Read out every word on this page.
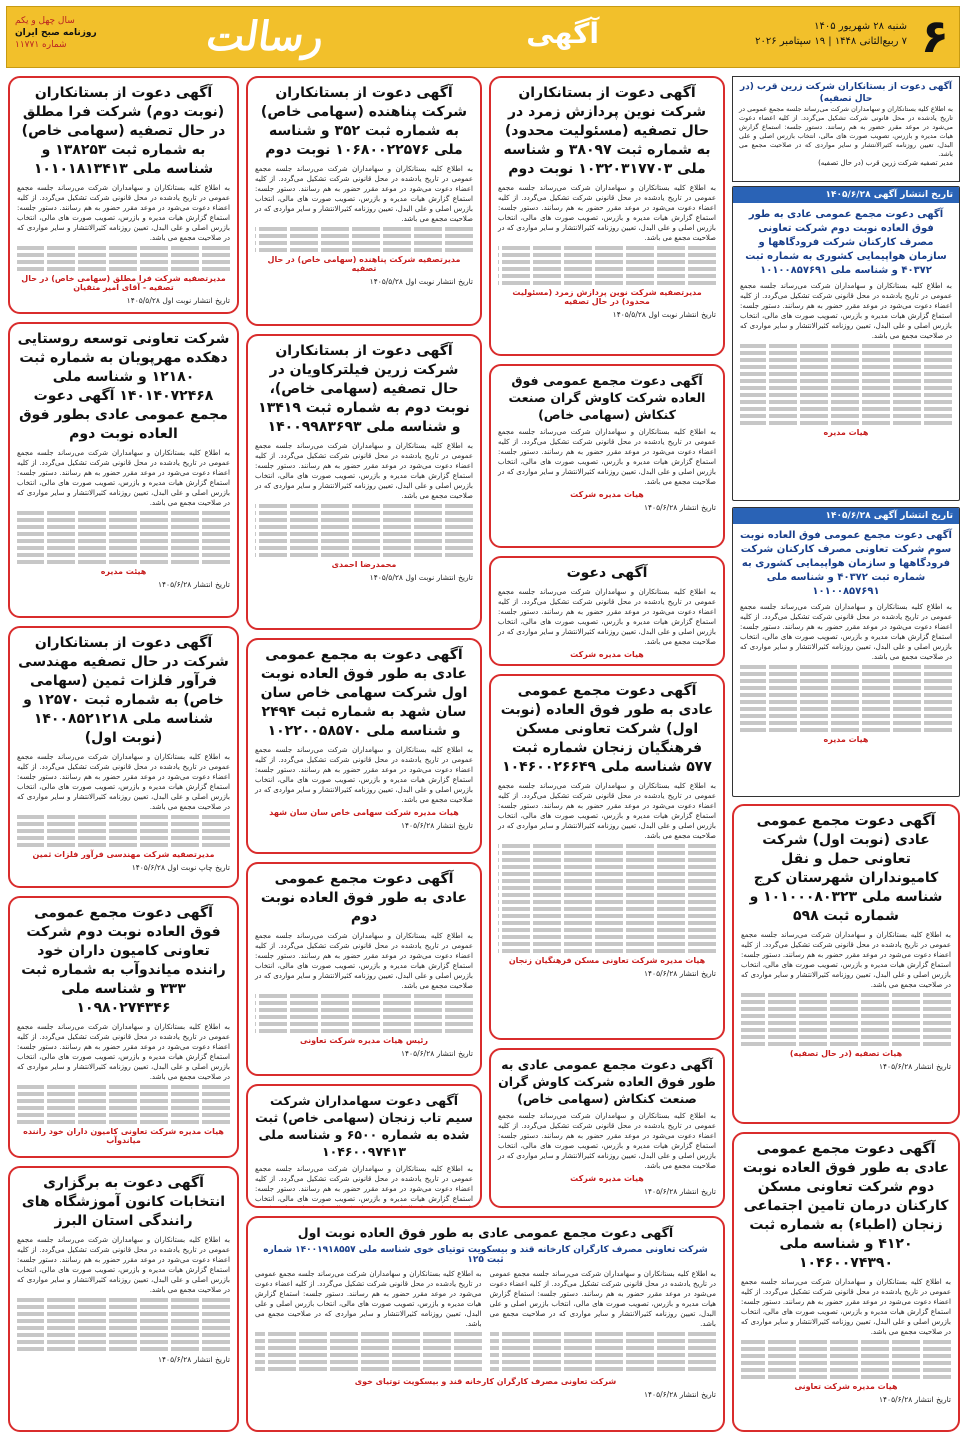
۶
شنبه ۲۸ شهریور ۱۴۰۵
۷ ربیع‌الثانی ۱۴۴۸ | ۱۹ سپتامبر ۲۰۲۶
آگهی
رسالت
سال چهل و یکم
روزنامه صبح ایران
شماره ۱۱۷۷۱
آگهی دعوت از بستانکاران شرکت زرین قرب (در حال تصفیه)

به اطلاع کلیه بستانکاران و سهامداران شرکت می‌رساند جلسه مجمع عمومی در تاریخ یادشده در محل قانونی شرکت تشکیل می‌گردد. از کلیه اعضاء دعوت می‌شود در موعد مقرر حضور به هم رسانند. دستور جلسه: استماع گزارش هیات مدیره و بازرس، تصویب صورت های مالی، انتخاب بازرس اصلی و علی البدل، تعیین روزنامه کثیرالانتشار و سایر مواردی که در صلاحیت مجمع می باشد.

مدیر تصفیه شرکت زرین قرب (در حال تصفیه)
تاریخ انتشار آگهی ۱۴۰۵/۶/۲۸
آگهی دعوت مجمع عمومی عادی به طور فوق العاده نوبت دوم شرکت تعاونی مصرف کارکنان شرکت فرودگاهها و سازمان هواپیمایی کشوری به شماره ثبت ۴۰۳۷۲ و شناسه ملی ۱۰۱۰۰۸۵۷۶۹۱

به اطلاع کلیه بستانکاران و سهامداران شرکت می‌رساند جلسه مجمع عمومی در تاریخ یادشده در محل قانونی شرکت تشکیل می‌گردد. از کلیه اعضاء دعوت می‌شود در موعد مقرر حضور به هم رسانند. دستور جلسه: استماع گزارش هیات مدیره و بازرس، تصویب صورت های مالی، انتخاب بازرس اصلی و علی البدل، تعیین روزنامه کثیرالانتشار و سایر مواردی که در صلاحیت مجمع می باشد.

هیات مدیره
تاریخ انتشار آگهی ۱۴۰۵/۶/۲۸
آگهی دعوت مجمع عمومی فوق العاده نوبت سوم شرکت تعاونی مصرف کارکنان شرکت فرودگاهها و سازمان هواپیمایی کشوری به شماره ثبت ۴۰۳۷۲ و شناسه ملی ۱۰۱۰۰۸۵۷۶۹۱

به اطلاع کلیه بستانکاران و سهامداران شرکت می‌رساند جلسه مجمع عمومی در تاریخ یادشده در محل قانونی شرکت تشکیل می‌گردد. از کلیه اعضاء دعوت می‌شود در موعد مقرر حضور به هم رسانند. دستور جلسه: استماع گزارش هیات مدیره و بازرس، تصویب صورت های مالی، انتخاب بازرس اصلی و علی البدل، تعیین روزنامه کثیرالانتشار و سایر مواردی که در صلاحیت مجمع می باشد.

هیات مدیره
آگهی دعوت مجمع عمومی عادی (نوبت اول) شرکت تعاونی حمل و نقل کامیونداران شهرستان کرج شناسه ملی ۱۰۱۰۰۰۸۰۳۲۳ و شماره ثبت ۵۹۸

به اطلاع کلیه بستانکاران و سهامداران شرکت می‌رساند جلسه مجمع عمومی در تاریخ یادشده در محل قانونی شرکت تشکیل می‌گردد. از کلیه اعضاء دعوت می‌شود در موعد مقرر حضور به هم رسانند. دستور جلسه: استماع گزارش هیات مدیره و بازرس، تصویب صورت های مالی، انتخاب بازرس اصلی و علی البدل، تعیین روزنامه کثیرالانتشار و سایر مواردی که در صلاحیت مجمع می باشد.

هیات تصفیه (در حال تصفیه)
تاریخ انتشار ۱۴۰۵/۶/۲۸
آگهی دعوت مجمع عمومی عادی به طور فوق العاده نوبت دوم شرکت تعاونی مسکن کارکنان درمان تامین اجتماعی زنجان (اطباء) به شماره ثبت ۴۱۲۰ و شناسه ملی ۱۰۴۶۰۰۷۴۳۹۰

به اطلاع کلیه بستانکاران و سهامداران شرکت می‌رساند جلسه مجمع عمومی در تاریخ یادشده در محل قانونی شرکت تشکیل می‌گردد. از کلیه اعضاء دعوت می‌شود در موعد مقرر حضور به هم رسانند. دستور جلسه: استماع گزارش هیات مدیره و بازرس، تصویب صورت های مالی، انتخاب بازرس اصلی و علی البدل، تعیین روزنامه کثیرالانتشار و سایر مواردی که در صلاحیت مجمع می باشد.

هیات مدیره شرکت تعاونی
تاریخ انتشار ۱۴۰۵/۶/۲۸
آگهی دعوت از بستانکاران شرکت نوین پردازش زمرد در حال تصفیه (مسئولیت محدود) به شماره ثبت ۳۸۰۹۷ و شناسه ملی ۱۰۳۲۰۳۱۷۷۰۳ نوبت دوم

به اطلاع کلیه بستانکاران و سهامداران شرکت می‌رساند جلسه مجمع عمومی در تاریخ یادشده در محل قانونی شرکت تشکیل می‌گردد. از کلیه اعضاء دعوت می‌شود در موعد مقرر حضور به هم رسانند. دستور جلسه: استماع گزارش هیات مدیره و بازرس، تصویب صورت های مالی، انتخاب بازرس اصلی و علی البدل، تعیین روزنامه کثیرالانتشار و سایر مواردی که در صلاحیت مجمع می باشد.

مدیرتصفیه شرکت نوین پردازش زمرد (مسئولیت محدود) در حال تصفیه
تاریخ انتشار نوبت اول ۱۴۰۵/۵/۲۸
آگهی دعوت مجمع عمومی فوق العاده شرکت کاوش گران صنعت کنکاش (سهامی خاص)

به اطلاع کلیه بستانکاران و سهامداران شرکت می‌رساند جلسه مجمع عمومی در تاریخ یادشده در محل قانونی شرکت تشکیل می‌گردد. از کلیه اعضاء دعوت می‌شود در موعد مقرر حضور به هم رسانند. دستور جلسه: استماع گزارش هیات مدیره و بازرس، تصویب صورت های مالی، انتخاب بازرس اصلی و علی البدل، تعیین روزنامه کثیرالانتشار و سایر مواردی که در صلاحیت مجمع می باشد.

هیات مدیره شرکت
تاریخ انتشار ۱۴۰۵/۶/۲۸
آگهی دعوت

به اطلاع کلیه بستانکاران و سهامداران شرکت می‌رساند جلسه مجمع عمومی در تاریخ یادشده در محل قانونی شرکت تشکیل می‌گردد. از کلیه اعضاء دعوت می‌شود در موعد مقرر حضور به هم رسانند. دستور جلسه: استماع گزارش هیات مدیره و بازرس، تصویب صورت های مالی، انتخاب بازرس اصلی و علی البدل، تعیین روزنامه کثیرالانتشار و سایر مواردی که در صلاحیت مجمع می باشد.

هیات مدیره شرکت
آگهی دعوت مجمع عمومی عادی به طور فوق العاده (نوبت اول) شرکت تعاونی مسکن فرهنگیان زنجان شماره ثبت ۵۷۷ شناسه ملی ۱۰۴۶۰۰۲۶۶۴۹

به اطلاع کلیه بستانکاران و سهامداران شرکت می‌رساند جلسه مجمع عمومی در تاریخ یادشده در محل قانونی شرکت تشکیل می‌گردد. از کلیه اعضاء دعوت می‌شود در موعد مقرر حضور به هم رسانند. دستور جلسه: استماع گزارش هیات مدیره و بازرس، تصویب صورت های مالی، انتخاب بازرس اصلی و علی البدل، تعیین روزنامه کثیرالانتشار و سایر مواردی که در صلاحیت مجمع می باشد.

هیات مدیره شرکت تعاونی مسکن فرهنگیان زنجان
تاریخ انتشار ۱۴۰۵/۶/۲۸
آگهی دعوت مجمع عمومی عادی به طور فوق العاده شرکت کاوش گران صنعت کنکاش (سهامی خاص)

به اطلاع کلیه بستانکاران و سهامداران شرکت می‌رساند جلسه مجمع عمومی در تاریخ یادشده در محل قانونی شرکت تشکیل می‌گردد. از کلیه اعضاء دعوت می‌شود در موعد مقرر حضور به هم رسانند. دستور جلسه: استماع گزارش هیات مدیره و بازرس، تصویب صورت های مالی، انتخاب بازرس اصلی و علی البدل، تعیین روزنامه کثیرالانتشار و سایر مواردی که در صلاحیت مجمع می باشد.

هیات مدیره شرکت
تاریخ انتشار ۱۴۰۵/۶/۲۸
آگهی دعوت از بستانکاران شرکت پناهنده (سهامی خاص) به شماره ثبت ۳۵۲ و شناسه ملی ۱۰۶۸۰۰۲۲۵۷۶ نوبت دوم

به اطلاع کلیه بستانکاران و سهامداران شرکت می‌رساند جلسه مجمع عمومی در تاریخ یادشده در محل قانونی شرکت تشکیل می‌گردد. از کلیه اعضاء دعوت می‌شود در موعد مقرر حضور به هم رسانند. دستور جلسه: استماع گزارش هیات مدیره و بازرس، تصویب صورت های مالی، انتخاب بازرس اصلی و علی البدل، تعیین روزنامه کثیرالانتشار و سایر مواردی که در صلاحیت مجمع می باشد.

مدیرتصفیه شرکت پناهنده (سهامی خاص) در حال تصفیه
تاریخ انتشار نوبت اول ۱۴۰۵/۵/۲۸
آگهی دعوت از بستانکاران شرکت زرین فیلترکاویان در حال تصفیه (سهامی خاص)، نوبت دوم به شماره ثبت ۱۳۴۱۹ و شناسه ملی ۱۴۰۰۹۹۸۳۶۹۳

به اطلاع کلیه بستانکاران و سهامداران شرکت می‌رساند جلسه مجمع عمومی در تاریخ یادشده در محل قانونی شرکت تشکیل می‌گردد. از کلیه اعضاء دعوت می‌شود در موعد مقرر حضور به هم رسانند. دستور جلسه: استماع گزارش هیات مدیره و بازرس، تصویب صورت های مالی، انتخاب بازرس اصلی و علی البدل، تعیین روزنامه کثیرالانتشار و سایر مواردی که در صلاحیت مجمع می باشد.

محمدرضا احمدی
تاریخ انتشار نوبت اول ۱۴۰۵/۵/۲۸
آگهی دعوت به مجمع عمومی عادی به طور فوق العاده نوبت اول شرکت سهامی خاص سان سان شهد به شماره ثبت ۲۴۹۴ و شناسه ملی ۱۰۲۲۰۰۵۸۵۷۰

به اطلاع کلیه بستانکاران و سهامداران شرکت می‌رساند جلسه مجمع عمومی در تاریخ یادشده در محل قانونی شرکت تشکیل می‌گردد. از کلیه اعضاء دعوت می‌شود در موعد مقرر حضور به هم رسانند. دستور جلسه: استماع گزارش هیات مدیره و بازرس، تصویب صورت های مالی، انتخاب بازرس اصلی و علی البدل، تعیین روزنامه کثیرالانتشار و سایر مواردی که در صلاحیت مجمع می باشد.

هیات مدیره شرکت سهامی خاص سان سان شهد
تاریخ انتشار ۱۴۰۵/۶/۲۸
آگهی دعوت مجمع عمومی عادی به طور فوق العاده نوبت دوم

به اطلاع کلیه بستانکاران و سهامداران شرکت می‌رساند جلسه مجمع عمومی در تاریخ یادشده در محل قانونی شرکت تشکیل می‌گردد. از کلیه اعضاء دعوت می‌شود در موعد مقرر حضور به هم رسانند. دستور جلسه: استماع گزارش هیات مدیره و بازرس، تصویب صورت های مالی، انتخاب بازرس اصلی و علی البدل، تعیین روزنامه کثیرالانتشار و سایر مواردی که در صلاحیت مجمع می باشد.

رئیس هیات مدیره شرکت تعاونی
تاریخ انتشار ۱۴۰۵/۶/۲۸
آگهی دعوت سهامداران شرکت سیم تاب زنجان (سهامی خاص) ثبت شده به شماره ۶۵۰۰ و شناسه ملی ۱۰۴۶۰۰۹۷۴۱۳

به اطلاع کلیه بستانکاران و سهامداران شرکت می‌رساند جلسه مجمع عمومی در تاریخ یادشده در محل قانونی شرکت تشکیل می‌گردد. از کلیه اعضاء دعوت می‌شود در موعد مقرر حضور به هم رسانند. دستور جلسه: استماع گزارش هیات مدیره و بازرس، تصویب صورت های مالی، انتخاب

آگهی دعوت از بستانکاران (نوبت دوم) شرکت فرا مطلق در حال تصفیه (سهامی خاص) به شماره ثبت ۱۳۸۲۵۳ و شناسه ملی ۱۰۱۰۱۸۱۳۴۱۳

به اطلاع کلیه بستانکاران و سهامداران شرکت می‌رساند جلسه مجمع عمومی در تاریخ یادشده در محل قانونی شرکت تشکیل می‌گردد. از کلیه اعضاء دعوت می‌شود در موعد مقرر حضور به هم رسانند. دستور جلسه: استماع گزارش هیات مدیره و بازرس، تصویب صورت های مالی، انتخاب بازرس اصلی و علی البدل، تعیین روزنامه کثیرالانتشار و سایر مواردی که در صلاحیت مجمع می باشد.

مدیرتصفیه شرکت فرا مطلق (سهامی خاص) در حال تصفیه - آقای امیر متقیان
تاریخ انتشار نوبت اول ۱۴۰۵/۵/۲۸
شرکت تعاونی توسعه روستایی دهکده مهرپویان به شماره ثبت ۱۲۱۸۰ و شناسه ملی ۱۴۰۱۴۰۷۲۴۶۸ آگهی دعوت مجمع عمومی عادی بطور فوق العاده نوبت دوم

به اطلاع کلیه بستانکاران و سهامداران شرکت می‌رساند جلسه مجمع عمومی در تاریخ یادشده در محل قانونی شرکت تشکیل می‌گردد. از کلیه اعضاء دعوت می‌شود در موعد مقرر حضور به هم رسانند. دستور جلسه: استماع گزارش هیات مدیره و بازرس، تصویب صورت های مالی، انتخاب بازرس اصلی و علی البدل، تعیین روزنامه کثیرالانتشار و سایر مواردی که در صلاحیت مجمع می باشد.

هیئت مدیره
تاریخ انتشار ۱۴۰۵/۶/۲۸
آگهی دعوت از بستانکاران شرکت در حال تصفیه مهندسی فرآور فلزات ثمین (سهامی خاص) به شماره ثبت ۱۲۵۷۰ و شناسه ملی ۱۴۰۰۸۵۲۱۲۱۸ (نوبت اول)

به اطلاع کلیه بستانکاران و سهامداران شرکت می‌رساند جلسه مجمع عمومی در تاریخ یادشده در محل قانونی شرکت تشکیل می‌گردد. از کلیه اعضاء دعوت می‌شود در موعد مقرر حضور به هم رسانند. دستور جلسه: استماع گزارش هیات مدیره و بازرس، تصویب صورت های مالی، انتخاب بازرس اصلی و علی البدل، تعیین روزنامه کثیرالانتشار و سایر مواردی که در صلاحیت مجمع می باشد.

مدیرتصفیه شرکت مهندسی فرآور فلزات ثمین
تاریخ چاپ نوبت اول ۱۴۰۵/۶/۲۸
آگهی دعوت مجمع عمومی فوق العاده نوبت دوم شرکت تعاونی کامیون داران خود راننده میاندوآب به شماره ثبت ۳۳۳ و شناسه ملی ۱۰۹۸۰۲۷۴۳۴۶

به اطلاع کلیه بستانکاران و سهامداران شرکت می‌رساند جلسه مجمع عمومی در تاریخ یادشده در محل قانونی شرکت تشکیل می‌گردد. از کلیه اعضاء دعوت می‌شود در موعد مقرر حضور به هم رسانند. دستور جلسه: استماع گزارش هیات مدیره و بازرس، تصویب صورت های مالی، انتخاب بازرس اصلی و علی البدل، تعیین روزنامه کثیرالانتشار و سایر مواردی که در صلاحیت مجمع می باشد.

هیات مدیره شرکت تعاونی کامیون داران خود راننده میاندوآب
آگهی دعوت به برگزاری انتخابات کانون آموزشگاه های رانندگی استان البرز

به اطلاع کلیه بستانکاران و سهامداران شرکت می‌رساند جلسه مجمع عمومی در تاریخ یادشده در محل قانونی شرکت تشکیل می‌گردد. از کلیه اعضاء دعوت می‌شود در موعد مقرر حضور به هم رسانند. دستور جلسه: استماع گزارش هیات مدیره و بازرس، تصویب صورت های مالی، انتخاب بازرس اصلی و علی البدل، تعیین روزنامه کثیرالانتشار و سایر مواردی که در صلاحیت مجمع می باشد.

تاریخ انتشار ۱۴۰۵/۶/۲۸
آگهی دعوت مجمع عمومی عادی به طور فوق العاده نوبت اول
شرکت تعاونی مصرف کارگران کارخانه قند و بیسکویت توتیای خوی شناسه ملی ۱۴۰۰۱۹۱۸۵۵۷ شماره ثبت ۱۲۵

به اطلاع کلیه بستانکاران و سهامداران شرکت می‌رساند جلسه مجمع عمومی در تاریخ یادشده در محل قانونی شرکت تشکیل می‌گردد. از کلیه اعضاء دعوت می‌شود در موعد مقرر حضور به هم رسانند. دستور جلسه: استماع گزارش هیات مدیره و بازرس، تصویب صورت های مالی، انتخاب بازرس اصلی و علی البدل، تعیین روزنامه کثیرالانتشار و سایر مواردی که در صلاحیت مجمع می باشد.

به اطلاع کلیه بستانکاران و سهامداران شرکت می‌رساند جلسه مجمع عمومی در تاریخ یادشده در محل قانونی شرکت تشکیل می‌گردد. از کلیه اعضاء دعوت می‌شود در موعد مقرر حضور به هم رسانند. دستور جلسه: استماع گزارش هیات مدیره و بازرس، تصویب صورت های مالی، انتخاب بازرس اصلی و علی البدل، تعیین روزنامه کثیرالانتشار و سایر مواردی که در صلاحیت مجمع می باشد.

شرکت تعاونی مصرف کارگران کارخانه قند و بیسکویت توتیای خوی
تاریخ انتشار ۱۴۰۵/۶/۲۸
